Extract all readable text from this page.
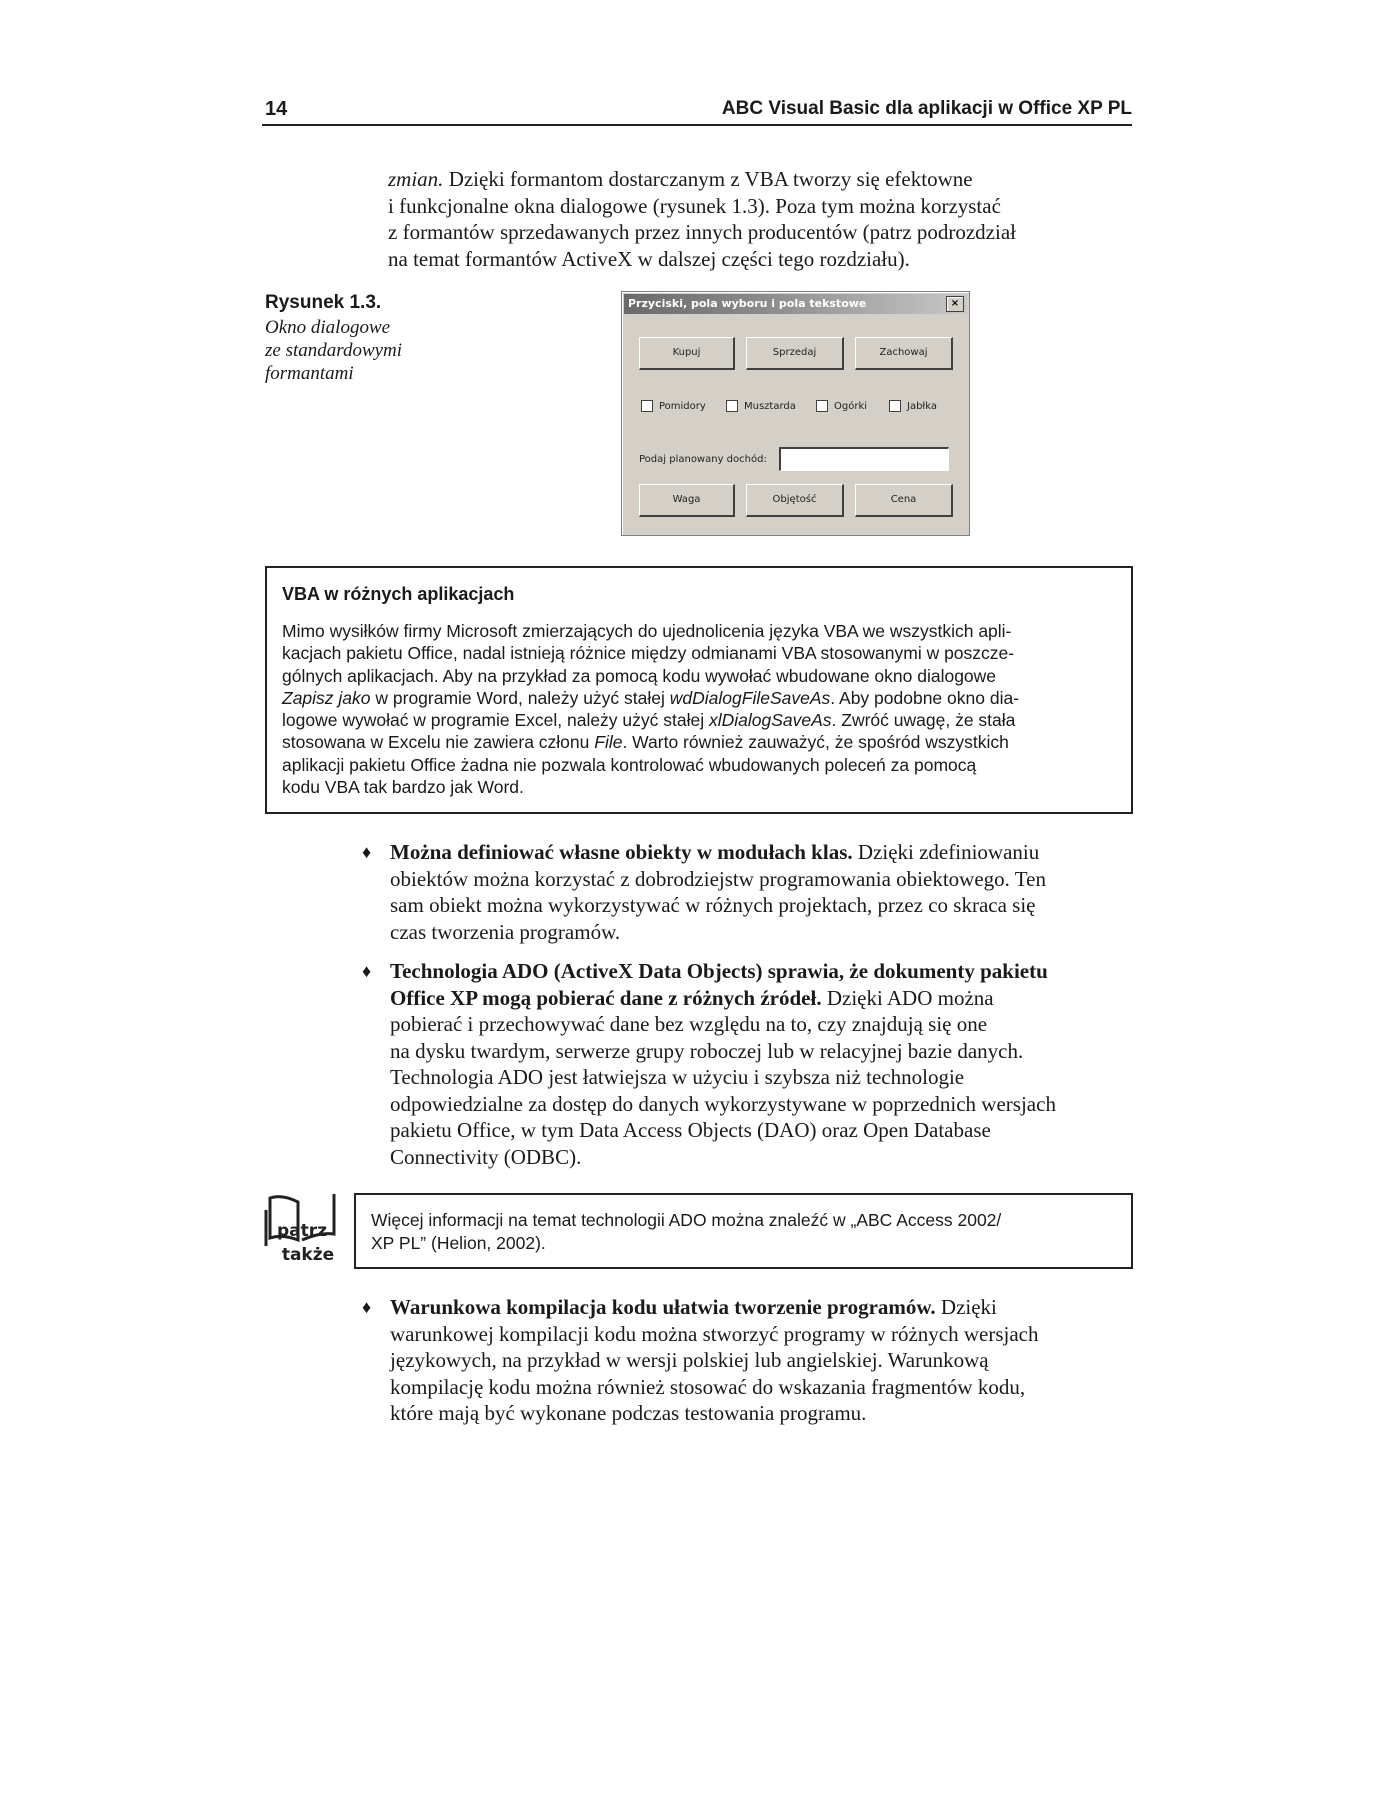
14	ABC Visual Basic dla aplikacji w Office XP PL
zmian. Dzięki formantom dostarczanym z VBA tworzy się efektowne
i funkcjonalne okna dialogowe (rysunek 1.3). Poza tym można korzystać
z formantów sprzedawanych przez innych producentów (patrz podrozdział
na temat formantów ActiveX w dalszej części tego rozdziału).
Rysunek 1.3.
Okno dialogowe
ze standardowymi
formantami
Przyciski, pola wyboru i pola tekstowe	×
Kupuj	Sprzedaj	Zachowaj
Pomidory	Musztarda	Ogórki	Jabłka
Podaj planowany dochód:
Waga	Objętość	Cena
VBA w różnych aplikacjach
Mimo wysiłków firmy Microsoft zmierzających do ujednolicenia języka VBA we wszystkich apli-
kacjach pakietu Office, nadal istnieją różnice między odmianami VBA stosowanymi w poszcze-
gólnych aplikacjach. Aby na przykład za pomocą kodu wywołać wbudowane okno dialogowe
Zapisz jako w programie Word, należy użyć stałej wdDialogFileSaveAs. Aby podobne okno dia-
logowe wywołać w programie Excel, należy użyć stałej xlDialogSaveAs. Zwróć uwagę, że stała
stosowana w Excelu nie zawiera członu File. Warto również zauważyć, że spośród wszystkich
aplikacji pakietu Office żadna nie pozwala kontrolować wbudowanych poleceń za pomocą
kodu VBA tak bardzo jak Word.
♦ Można definiować własne obiekty w modułach klas. Dzięki zdefiniowaniu
obiektów można korzystać z dobrodziejstw programowania obiektowego. Ten
sam obiekt można wykorzystywać w różnych projektach, przez co skraca się
czas tworzenia programów.
♦ Technologia ADO (ActiveX Data Objects) sprawia, że dokumenty pakietu
Office XP mogą pobierać dane z różnych źródeł. Dzięki ADO można
pobierać i przechowywać dane bez względu na to, czy znajdują się one
na dysku twardym, serwerze grupy roboczej lub w relacyjnej bazie danych.
Technologia ADO jest łatwiejsza w użyciu i szybsza niż technologie
odpowiedzialne za dostęp do danych wykorzystywane w poprzednich wersjach
pakietu Office, w tym Data Access Objects (DAO) oraz Open Database
Connectivity (ODBC).
♦ Warunkowa kompilacja kodu ułatwia tworzenie programów. Dzięki
warunkowej kompilacji kodu można stworzyć programy w różnych wersjach
językowych, na przykład w wersji polskiej lub angielskiej. Warunkową
kompilację kodu można również stosować do wskazania fragmentów kodu,
które mają być wykonane podczas testowania programu.
patrz
także
Więcej informacji na temat technologii ADO można znaleźć w „ABC Access 2002/
XP PL” (Helion, 2002).
